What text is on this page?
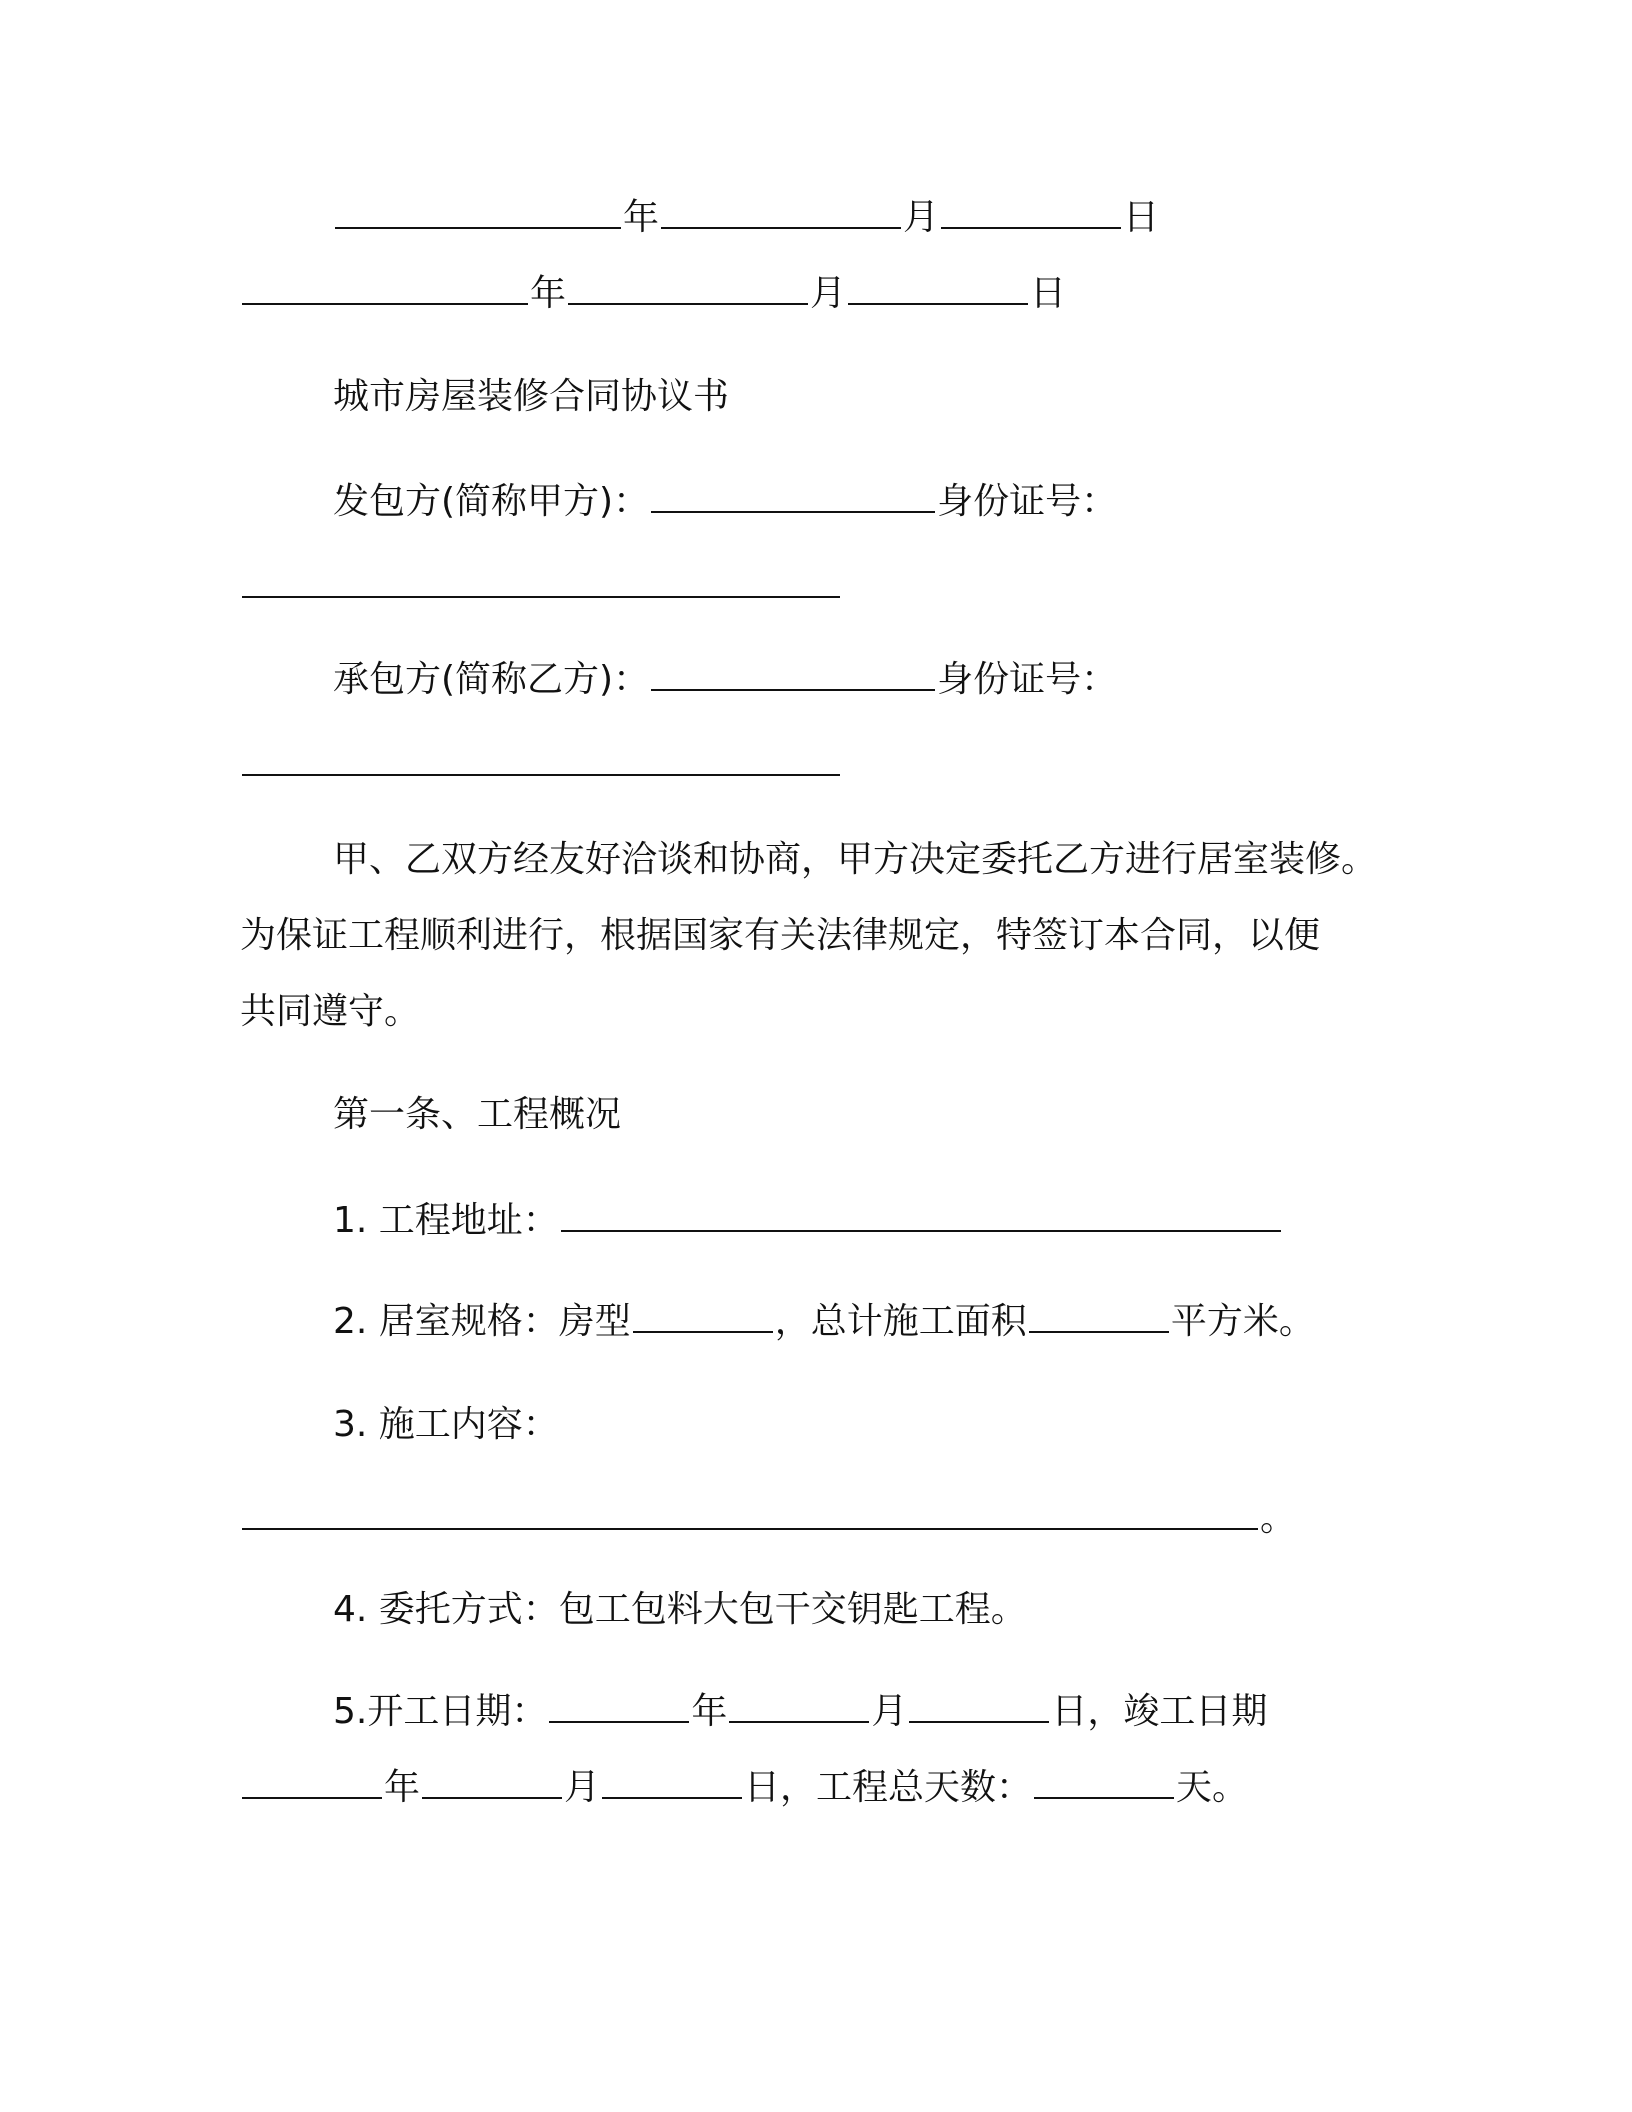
年	月	日
年	月	日
城市房屋装修合同协议书
发包方(简称甲方)：	身份证号：
承包方(简称乙方)：	身份证号：
甲、乙双方经友好洽谈和协商，甲方决定委托乙方进行居室装修。
为保证工程顺利进行，根据国家有关法律规定，特签订本合同，以便
共同遵守。
第一条、工程概况
1. 工程地址：
2. 居室规格：房型	，总计施工面积	平方米。
3. 施工内容：
。
4. 委托方式：包工包料大包干交钥匙工程。
5.开工日期：	年	月	日，竣工日期
年	月	日，工程总天数：	天。
